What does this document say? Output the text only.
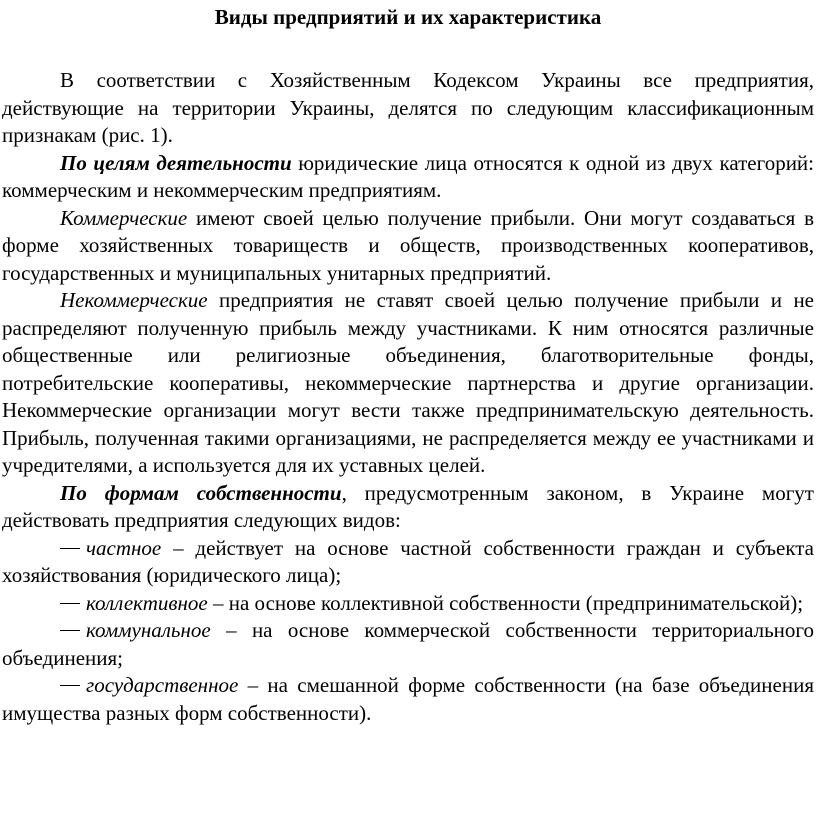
Виды предприятий и их характеристика

В соответствии с Хозяйственным Кодексом Украины все предприятия, действующие на территории Украины, делятся по следующим классификационным признакам (рис. 1).

По целям деятельности юридические лица относятся к одной из двух категорий: коммерческим и некоммерческим предприятиям.

Коммерческие имеют своей целью получение прибыли. Они могут создаваться в форме хозяйственных товариществ и обществ, производственных кооперативов, государственных и муниципальных унитарных предприятий.

Некоммерческие предприятия не ставят своей целью получение прибыли и не распределяют полученную прибыль между участниками. К ним относятся различные общественные или религиозные объединения, благотворительные фонды, потребительские кооперативы, некоммерческие партнерства и другие организации. Некоммерческие организации могут вести также предпринимательскую деятельность. Прибыль, полученная такими организациями, не распределяется между ее участниками и учредителями, а используется для их уставных целей.

По формам собственности, предусмотренным законом, в Украине могут действовать предприятия следующих видов:

частное – действует на основе частной собственности граждан и субъекта хозяйствования (юридического лица);

коллективное – на основе коллективной собственности (предпринимательской);

коммунальное – на основе коммерческой собственности территориального объединения;

государственное – на смешанной форме собственности (на базе объединения имущества разных форм собственности).
